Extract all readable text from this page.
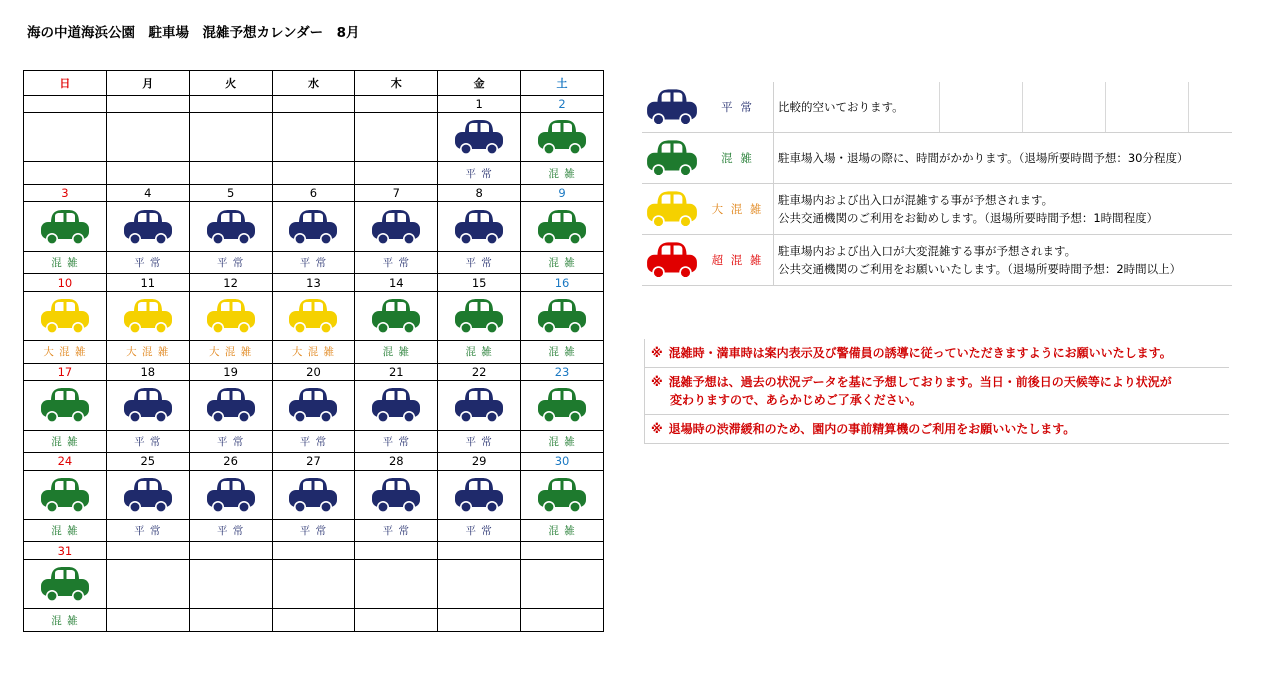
海の中道海浜公園　駐車場　混雑予想カレンダー　8月
日	月	火	水	木	金	土
					1	2

					平 常	混 雑
3	4	5	6	7	8	9

混 雑	平 常	平 常	平 常	平 常	平 常	混 雑
10	11	12	13	14	15	16

大 混 雑	大 混 雑	大 混 雑	大 混 雑	混 雑	混 雑	混 雑
17	18	19	20	21	22	23

混 雑	平 常	平 常	平 常	平 常	平 常	混 雑
24	25	26	27	28	29	30

混 雑	平 常	平 常	平 常	平 常	平 常	混 雑
31						

混 雑						
平 常	比較的空いております。
混 雑	駐車場入場・退場の際に、時間がかかります。（退場所要時間予想：30分程度）
大 混 雑
駐車場内および出入口が混雑する事が予想されます。
公共交通機関のご利用をお勧めします。（退場所要時間予想：1時間程度）
超 混 雑
駐車場内および出入口が大変混雑する事が予想されます。
公共交通機関のご利用をお願いいたします。（退場所要時間予想：2時間以上）
※ 混雑時・満車時は案内表示及び警備員の誘導に従っていただきますようにお願いいたします。
※ 混雑予想は、過去の状況データを基に予想しております。当日・前後日の天候等により状況が
変わりますので、あらかじめご了承ください。
※ 退場時の渋滞緩和のため、園内の事前精算機のご利用をお願いいたします。
